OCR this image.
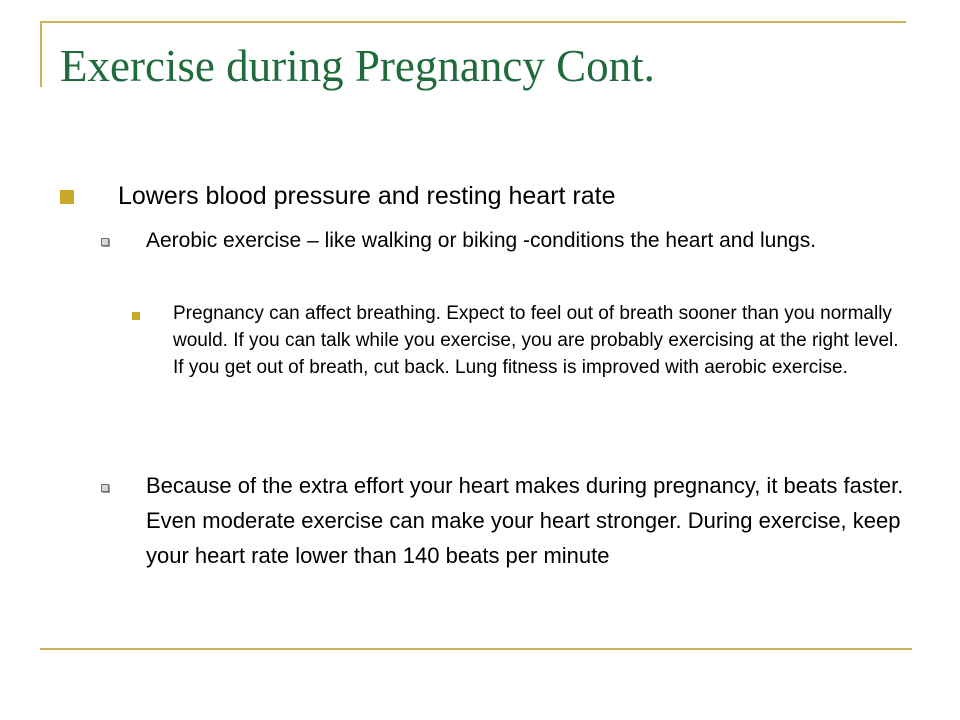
Exercise during Pregnancy Cont.
Lowers blood pressure and resting heart rate
Aerobic exercise – like walking or biking -conditions the heart and lungs.
Pregnancy can affect breathing. Expect to feel out of breath sooner than you normally would. If you can talk while you exercise, you are probably exercising at the right level. If you get out of breath, cut back. Lung fitness is improved with aerobic exercise.
Because of the extra effort your heart makes during pregnancy, it beats faster. Even moderate exercise can make your heart stronger. During exercise, keep your heart rate lower than 140 beats per minute
